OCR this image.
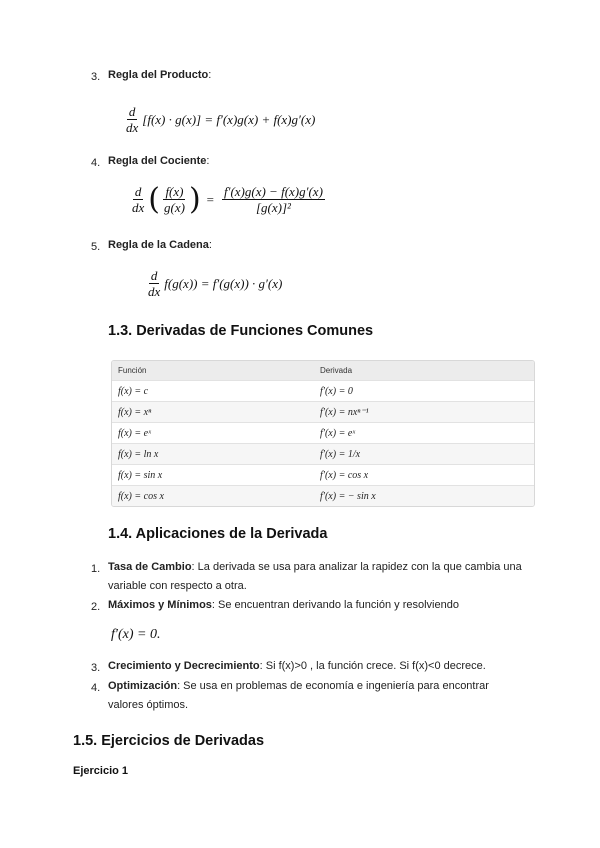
3. Regla del Producto:
$\frac{d}{dx} [f(x) \cdot g(x)] = f'(x)g(x) + f(x)g'(x)$
4. Regla del Cociente:
$\frac{d}{dx}$ ( $\frac{f(x)}{g(x)}$ ) = $\frac{f'(x)g(x) - f(x)g'(x)}{\text{[g(x)]²}}$
5. Regla de la Cadena:
$\frac{d}{dx} f(g(x)) = f'(g(x)) \cdot g'(x)$
1.3. Derivadas de Funciones Comunes
Función	Derivada
f(x) = c	f′(x) = 0
f(x) = xⁿ	f′(x) = nxⁿ⁻¹
f(x) = eˣ	f′(x) = eˣ
f(x) = ln x	f′(x) = 1/x
f(x) = sin x	f′(x) = cos x
f(x) = cos x	f′(x) = − sin x
1.4. Aplicaciones de la Derivada
1. Tasa de Cambio: La derivada se usa para analizar la rapidez con la que cambia una variable con respecto a otra.
2. Máximos y Mínimos: Se encuentran derivando la función y resolviendo
f′(x) = 0.
3. Crecimiento y Decrecimiento: Si f(x)>0 , la función crece. Si f(x)<0 decrece.
4. Optimización: Se usa en problemas de economía e ingeniería para encontrar valores óptimos.
1.5. Ejercicios de Derivadas
Ejercicio 1
